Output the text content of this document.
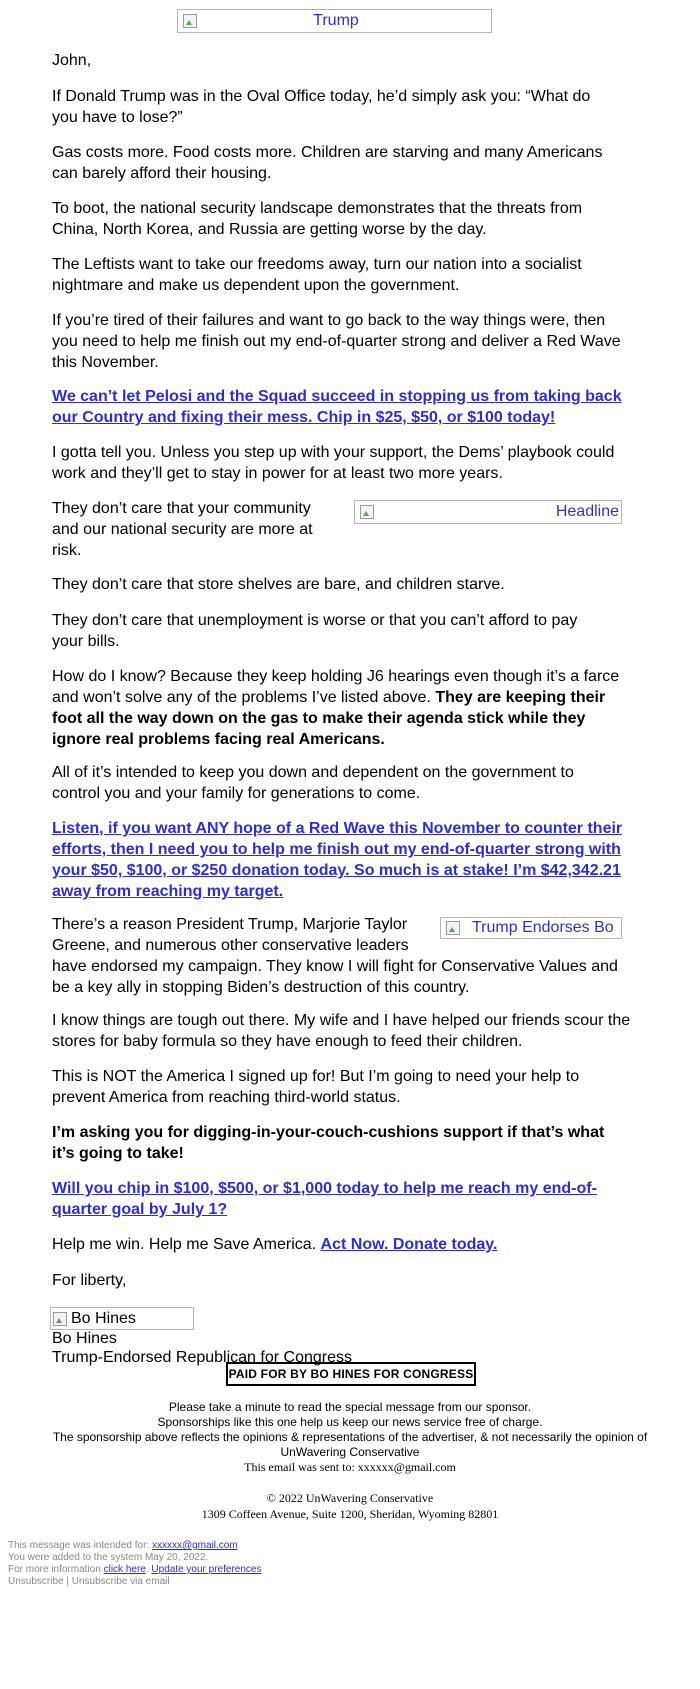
Trump

John,

If Donald Trump was in the Oval Office today, he’d simply ask you: “What do you have to lose?”

Gas costs more. Food costs more. Children are starving and many Americans can barely afford their housing.

To boot, the national security landscape demonstrates that the threats from China, North Korea, and Russia are getting worse by the day.

The Leftists want to take our freedoms away, turn our nation into a socialist nightmare and make us dependent upon the government.

If you’re tired of their failures and want to go back to the way things were, then you need to help me finish out my end-of-quarter strong and deliver a Red Wave this November.

We can’t let Pelosi and the Squad succeed in stopping us from taking back our Country and fixing their mess. Chip in $25, $50, or $100 today!

I gotta tell you. Unless you step up with your support, the Dems’ playbook could work and they’ll get to stay in power for at least two more years.

They don’t care that your community and our national security are more at risk.

They don’t care that store shelves are bare, and children starve.

They don’t care that unemployment is worse or that you can’t afford to pay your bills.

How do I know? Because they keep holding J6 hearings even though it’s a farce and won’t solve any of the problems I’ve listed above. They are keeping their foot all the way down on the gas to make their agenda stick while they ignore real problems facing real Americans.

All of it’s intended to keep you down and dependent on the government to control you and your family for generations to come.

Listen, if you want ANY hope of a Red Wave this November to counter their efforts, then I need you to help me finish out my end-of-quarter strong with your $50, $100, or $250 donation today. So much is at stake! I’m $42,342.21 away from reaching my target.

There’s a reason President Trump, Marjorie Taylor Greene, and numerous other conservative leaders have endorsed my campaign. They know I will fight for Conservative Values and be a key ally in stopping Biden’s destruction of this country.

I know things are tough out there. My wife and I have helped our friends scour the stores for baby formula so they have enough to feed their children.

This is NOT the America I signed up for! But I’m going to need your help to prevent America from reaching third-world status.

I’m asking you for digging-in-your-couch-cushions support if that’s what it’s going to take!

Will you chip in $100, $500, or $1,000 today to help me reach my end-of-quarter goal by July 1?

Help me win. Help me Save America. Act Now. Donate today.

For liberty,

Bo Hines

Trump-Endorsed Republican for Congress

Headline
Trump Endorses Bo
Bo Hines
PAID FOR BY BO HINES FOR CONGRESS
Please take a minute to read the special message from our sponsor.
Sponsorships like this one help us keep our news service free of charge.
The sponsorship above reflects the opinions & representations of the advertiser, & not necessarily the opinion of UnWavering Conservative
This email was sent to: xxxxxx@gmail.com
© 2022 UnWavering Conservative
1309 Coffeen Avenue, Suite 1200, Sheridan, Wyoming 82801
This message was intended for: xxxxxx@gmail.com
You were added to the system May 20, 2022.
For more information click here. Update your preferences
Unsubscribe | Unsubscribe via email
